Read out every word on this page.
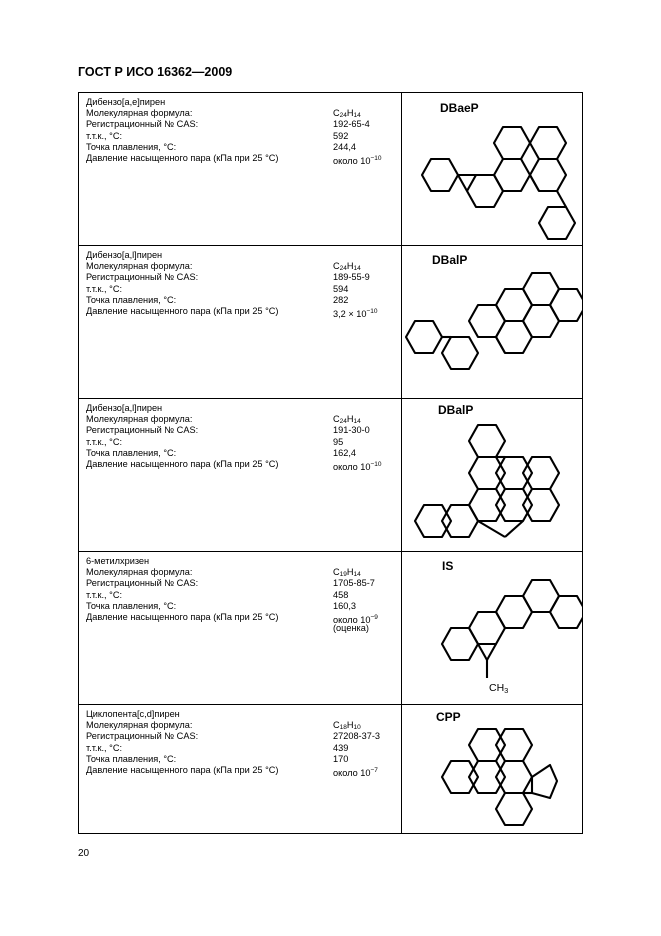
ГОСТ Р ИСО 16362—2009
Дибензо[a,e]пирен
Молекулярная формула:	$C_{24}H_{14}$
Регистрационный № CAS:	192-65-4
т.т.к., °С:	592
Точка плавления, °С:	244,4
Давление насыщенного пара (кПа при 25 °С)	около $10^{-10}$
DBaeP
Дибензо[a,l]пирен
Молекулярная формула:	$C_{24}H_{14}$
Регистрационный № CAS:	189-55-9
т.т.к., °С:	594
Точка плавления, °С:	282
Давление насыщенного пара (кПа при 25 °С)	$3,2 \times 10^{-10}$
DBalP
Дибензо[a,l]пирен
Молекулярная формула:	$C_{24}H_{14}$
Регистрационный № CAS:	191-30-0
т.т.к., °С:	95
Точка плавления, °С:	162,4
Давление насыщенного пара (кПа при 25 °С)	около $10^{-10}$
DBalP
6-метилхризен
Молекулярная формула:	$C_{19}H_{14}$
Регистрационный № CAS:	1705-85-7
т.т.к., °С:	458
Точка плавления, °С:	160,3
Давление насыщенного пара (кПа при 25 °С)	около $10^{-9}$
(оценка)
IS
CH3
Циклопента[c,d]пирен
Молекулярная формула:	$C_{18}H_{10}$
Регистрационный № CAS:	27208-37-3
т.т.к., °С:	439
Точка плавления, °С:	170
Давление насыщенного пара (кПа при 25 °С)	около $10^{-7}$
CPP
20
